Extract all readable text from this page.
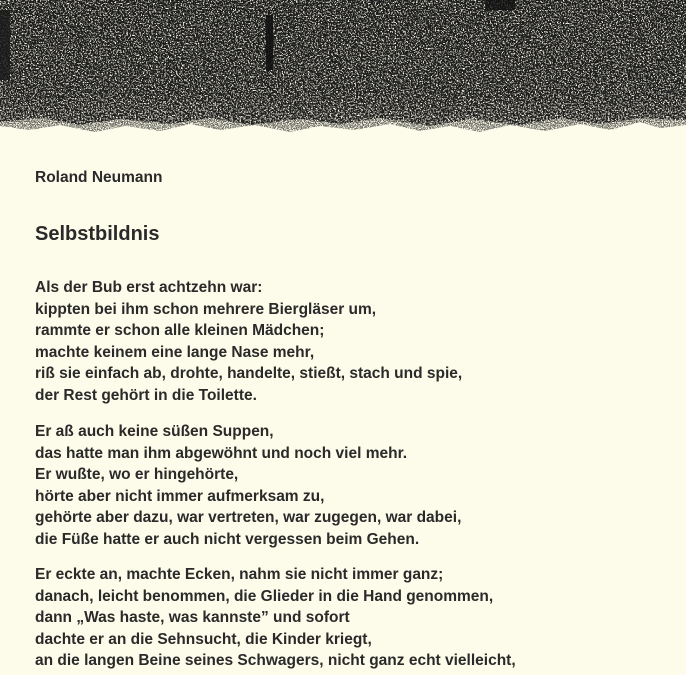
Roland Neumann

Selbstbildnis

Als der Bub erst achtzehn war:

kippten bei ihm schon mehrere Biergläser um,

rammte er schon alle kleinen Mädchen;

machte keinem eine lange Nase mehr,

riß sie einfach ab, drohte, handelte, stießt, stach und spie,

der Rest gehört in die Toilette.

Er aß auch keine süßen Suppen,

das hatte man ihm abgewöhnt und noch viel mehr.

Er wußte, wo er hingehörte,

hörte aber nicht immer aufmerksam zu,

gehörte aber dazu, war vertreten, war zugegen, war dabei,

die Füße hatte er auch nicht vergessen beim Gehen.

Er eckte an, machte Ecken, nahm sie nicht immer ganz;

danach, leicht benommen, die Glieder in die Hand genommen,

dann „Was haste, was kannste” und sofort

dachte er an die Sehnsucht, die Kinder kriegt,

an die langen Beine seines Schwagers, nicht ganz echt vielleicht,
